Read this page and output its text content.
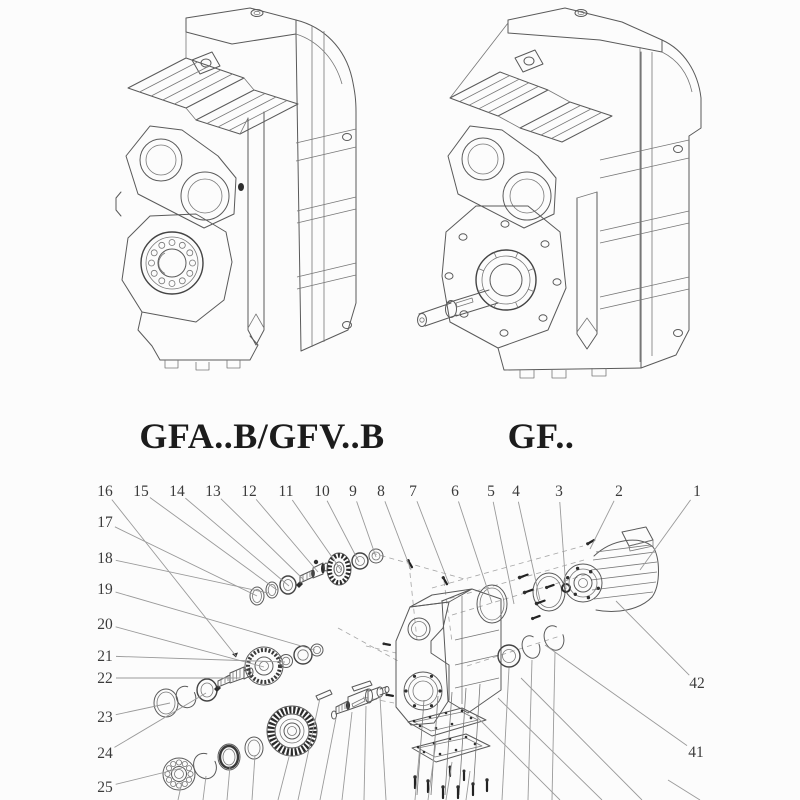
GFA..B/GFV..B	GF..
1
2
3
4
5
6
7
8
9
10
11
12
13
14
15
16
17
18
19
20
21
22
23
24
25
42
41
